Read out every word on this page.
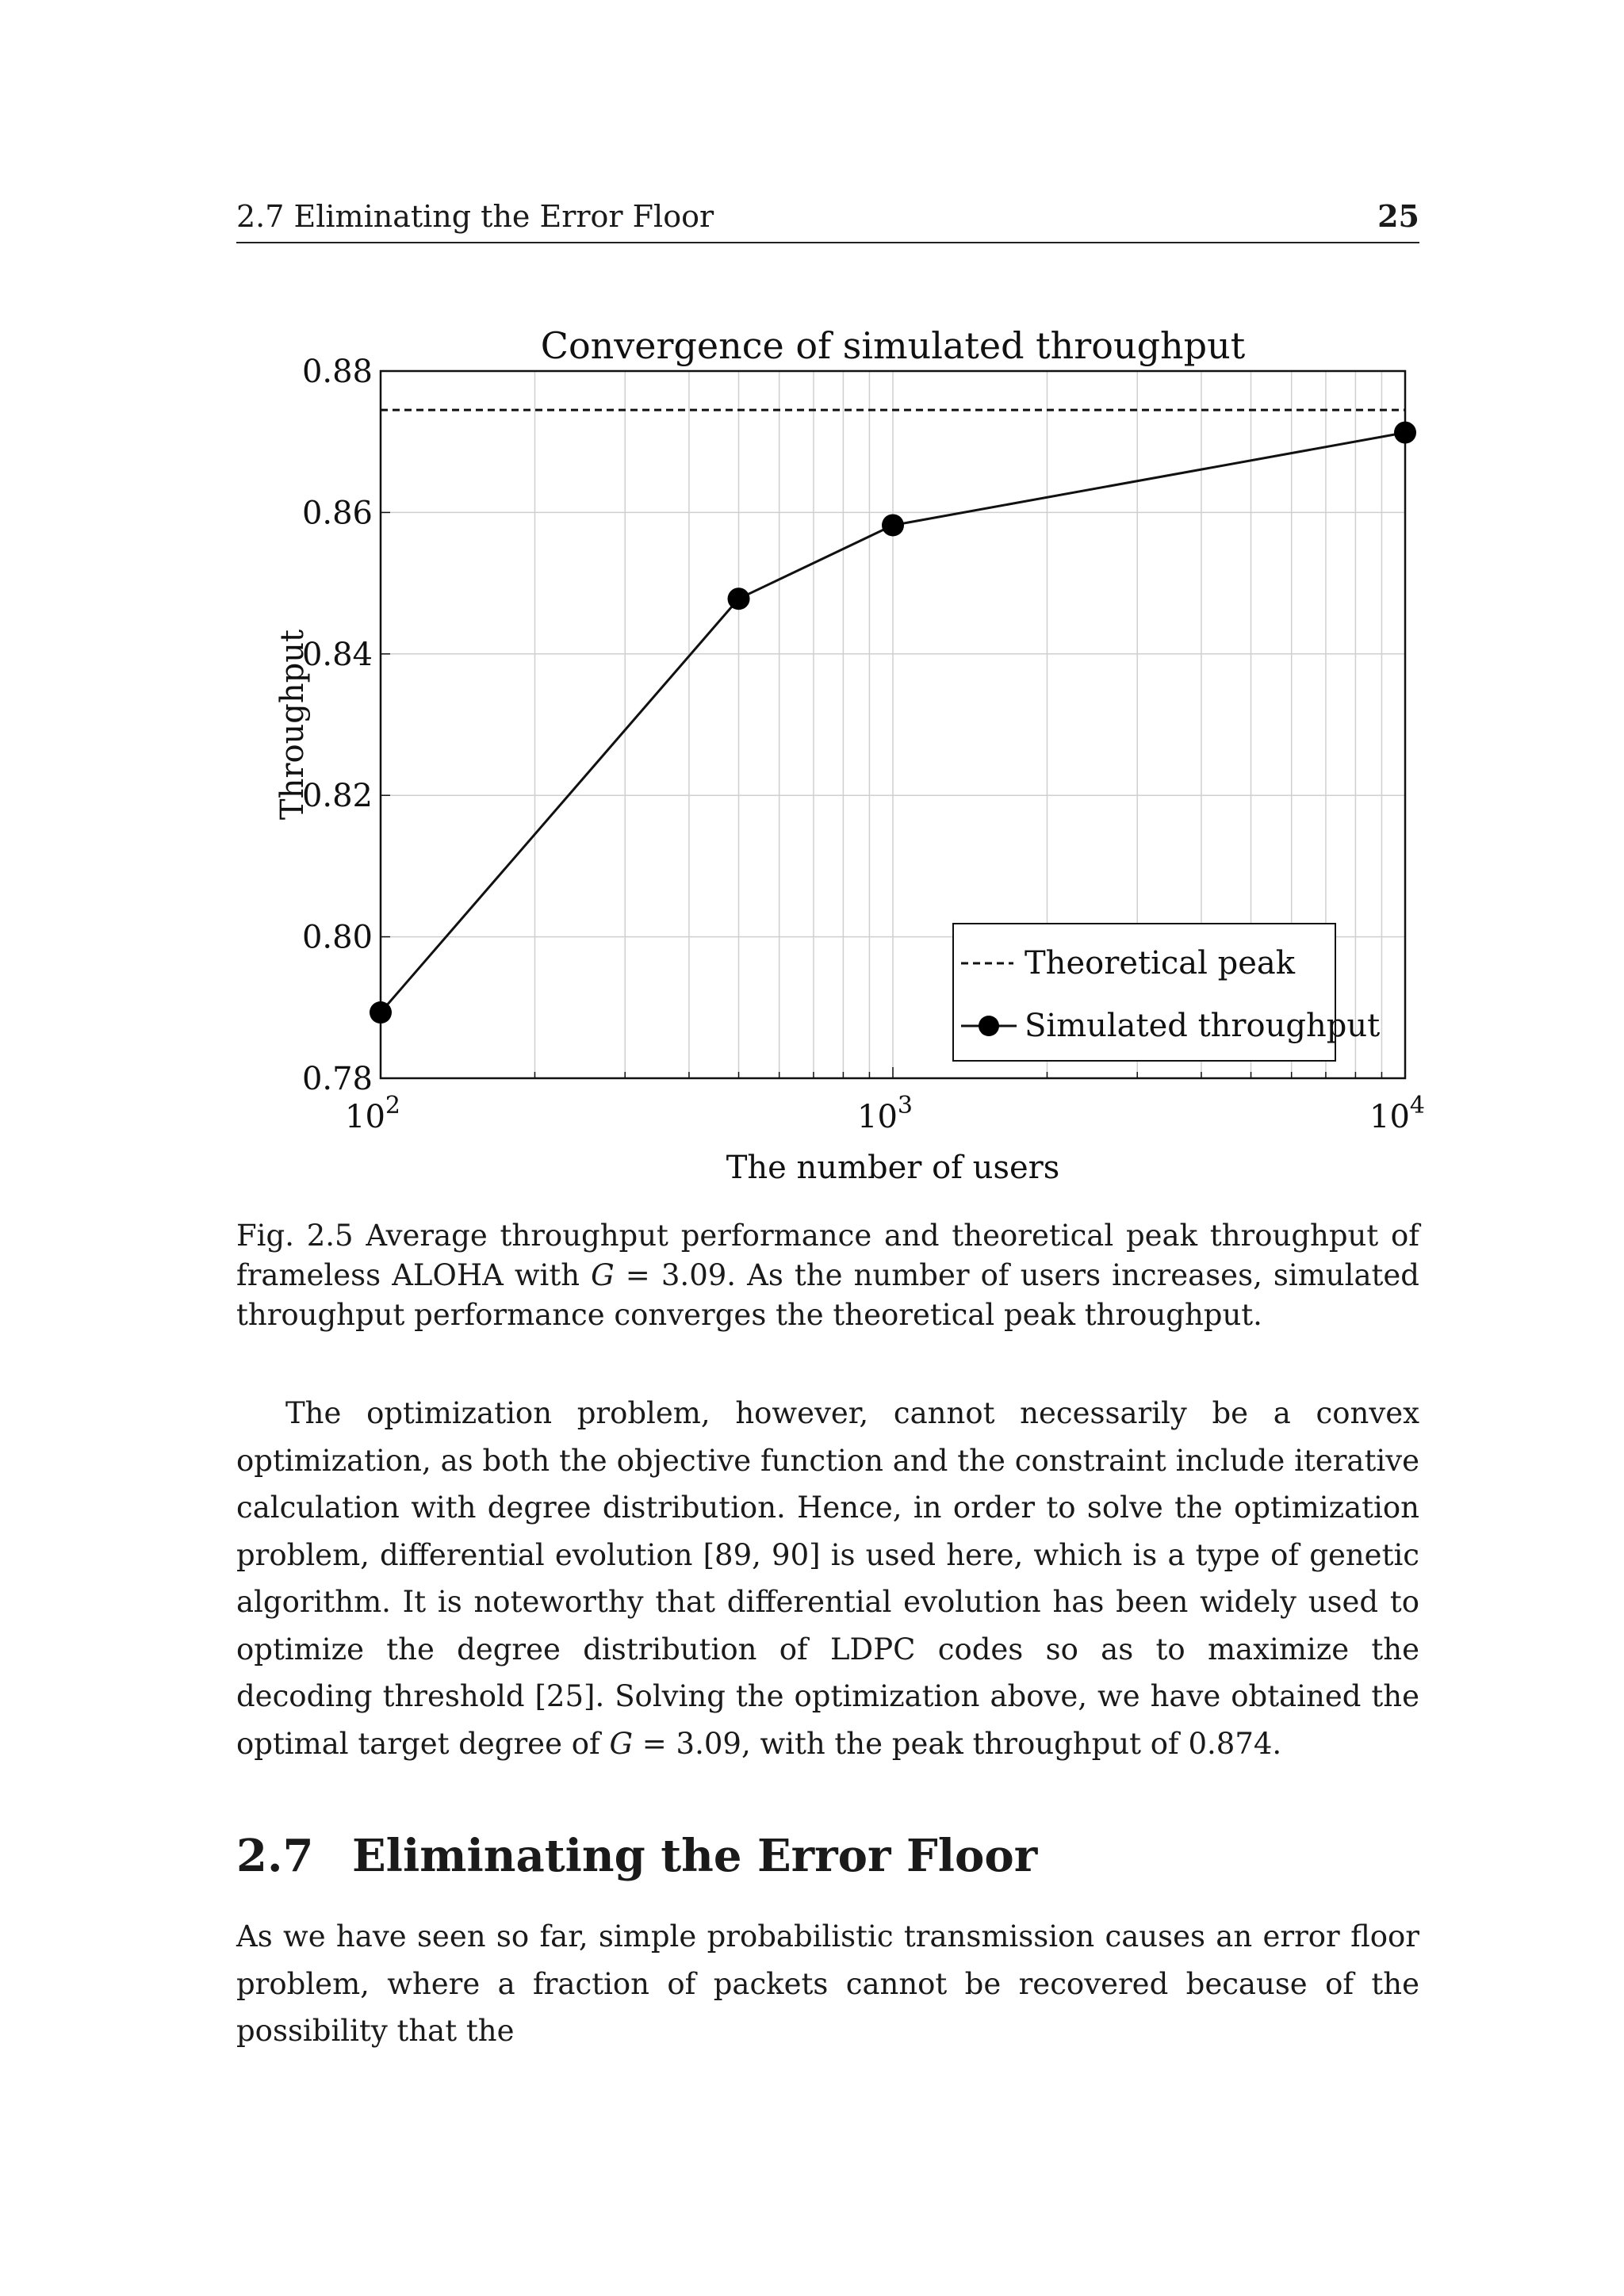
2.7 Eliminating the Error Floor	25
0.78
0.80
0.82
0.84
0.86
0.88
$10^2$	$10^3$	$10^4$
Convergence of simulated throughput
The number of users
Throughput
Theoretical peak
Simulated throughput
Fig. 2.5 Average throughput performance and theoretical peak throughput of frameless ALOHA with G = 3.09. As the number of users increases, simulated throughput performance converges the theoretical peak throughput.
The optimization problem, however, cannot necessarily be a convex optimization, as both the objective function and the constraint include iterative calculation with degree distribution. Hence, in order to solve the optimization problem, differential evolution [89, 90] is used here, which is a type of genetic algorithm. It is noteworthy that differential evolution has been widely used to optimize the degree distribution of LDPC codes so as to maximize the decoding threshold [25]. Solving the optimization above, we have obtained the optimal target degree of G = 3.09, with the peak throughput of 0.874.
2.7 Eliminating the Error Floor
As we have seen so far, simple probabilistic transmission causes an error floor problem, where a fraction of packets cannot be recovered because of the possibility that the
